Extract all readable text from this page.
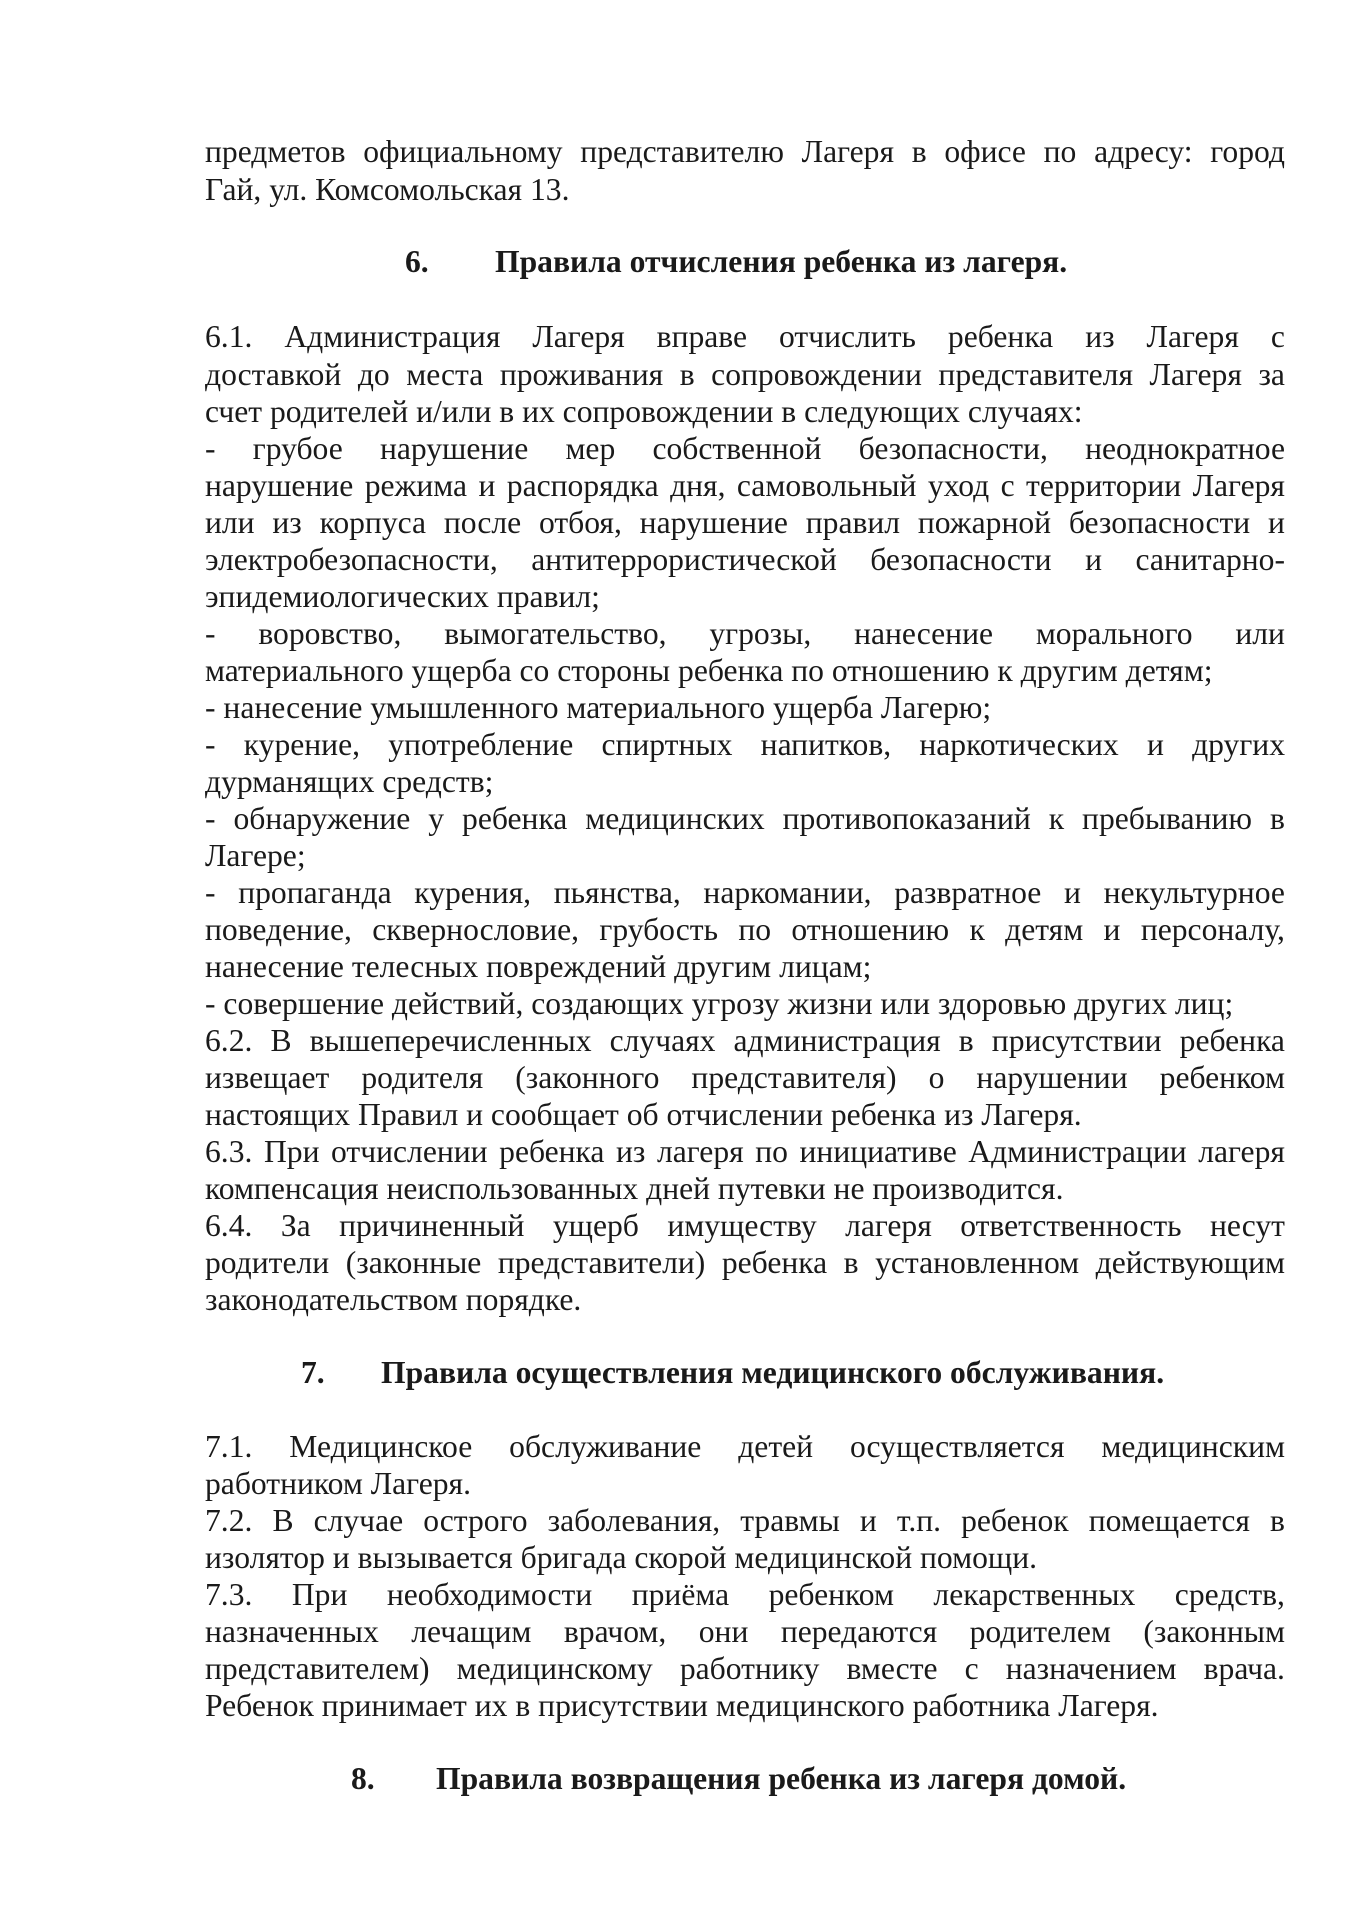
предметов официальному представителю Лагеря в офисе по адресу: город
Гай, ул. Комсомольская 13.
6. Правила отчисления ребенка из лагеря.
6.1. Администрация Лагеря вправе отчислить ребенка из Лагеря с
доставкой до места проживания в сопровождении представителя Лагеря за
счет родителей и/или в их сопровождении в следующих случаях:
- грубое нарушение мер собственной безопасности, неоднократное
нарушение режима и распорядка дня, самовольный уход с территории Лагеря
или из корпуса после отбоя, нарушение правил пожарной безопасности и
электробезопасности, антитеррористической безопасности и санитарно-
эпидемиологических правил;
- воровство, вымогательство, угрозы, нанесение морального или
материального ущерба со стороны ребенка по отношению к другим детям;
- нанесение умышленного материального ущерба Лагерю;
- курение, употребление спиртных напитков, наркотических и других
дурманящих средств;
- обнаружение у ребенка медицинских противопоказаний к пребыванию в
Лагере;
- пропаганда курения, пьянства, наркомании, развратное и некультурное
поведение, сквернословие, грубость по отношению к детям и персоналу,
нанесение телесных повреждений другим лицам;
- совершение действий, создающих угрозу жизни или здоровью других лиц;
6.2. В вышеперечисленных случаях администрация в присутствии ребенка
извещает родителя (законного представителя) о нарушении ребенком
настоящих Правил и сообщает об отчислении ребенка из Лагеря.
6.3. При отчислении ребенка из лагеря по инициативе Администрации лагеря
компенсация неиспользованных дней путевки не производится.
6.4. За причиненный ущерб имуществу лагеря ответственность несут
родители (законные представители) ребенка в установленном действующим
законодательством порядке.
7. Правила осуществления медицинского обслуживания.
7.1. Медицинское обслуживание детей осуществляется медицинским
работником Лагеря.
7.2. В случае острого заболевания, травмы и т.п. ребенок помещается в
изолятор и вызывается бригада скорой медицинской помощи.
7.3. При необходимости приёма ребенком лекарственных средств,
назначенных лечащим врачом, они передаются родителем (законным
представителем) медицинскому работнику вместе с назначением врача.
Ребенок принимает их в присутствии медицинского работника Лагеря.
8. Правила возвращения ребенка из лагеря домой.
